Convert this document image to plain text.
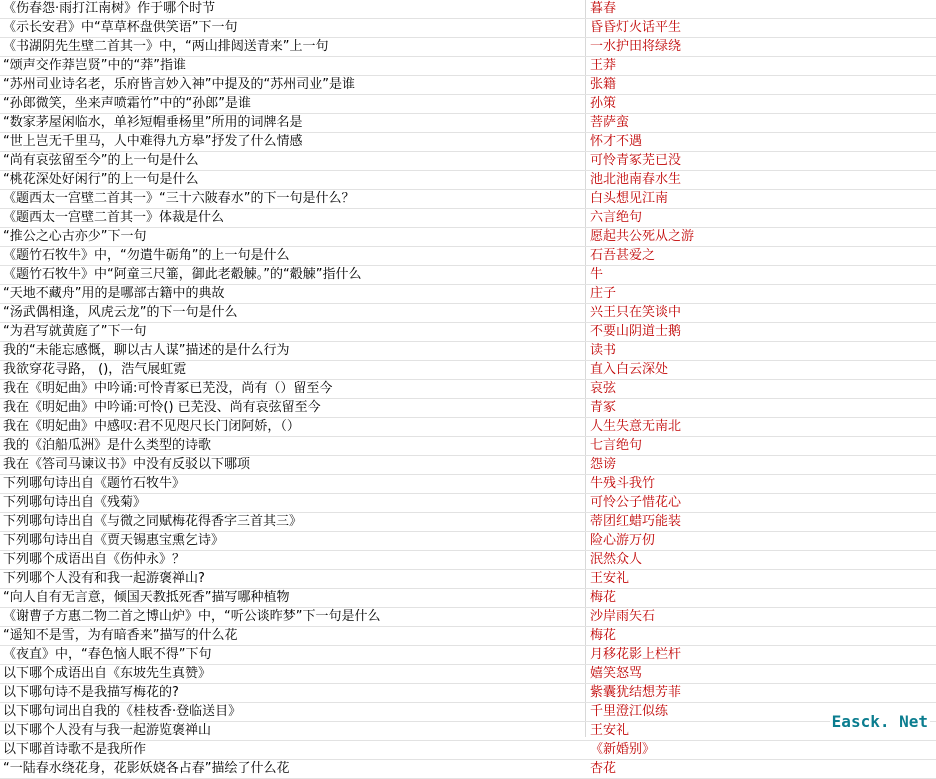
《伤春怨·雨打江南树》作于哪个时节	暮春
《示长安君》中“草草杯盘供笑语”下一句	昏昏灯火话平生
《书湖阴先生壁二首其一》中，“两山排闼送青来”上一句	一水护田将绿绕
“颂声交作莽岂贤”中的“莽”指谁	王莽
“苏州司业诗名老，乐府皆言妙入神”中提及的“苏州司业”是谁	张籍
“孙郎微笑，坐来声喷霜竹”中的“孙郎”是谁	孙策
“数家茅屋闲临水，单衫短帽垂杨里”所用的词牌名是	菩萨蛮
“世上岂无千里马，人中难得九方皋”抒发了什么情感	怀才不遇
“尚有哀弦留至今”的上一句是什么	可怜青冢芜已没
“桃花深处好闲行”的上一句是什么	池北池南春水生
《题西太一宫壁二首其一》“三十六陂春水”的下一句是什么？	白头想见江南
《题西太一宫壁二首其一》体裁是什么	六言绝句
“推公之心古亦少”下一句	愿起共公死从之游
《题竹石牧牛》中，“勿遣牛砺角”的上一句是什么	石吾甚爱之
《题竹石牧牛》中“阿童三尺箠，御此老觳觫。”的“觳觫”指什么	牛
“天地不藏舟”用的是哪部古籍中的典故	庄子
“汤武偶相逢，风虎云龙”的下一句是什么	兴王只在笑谈中
“为君写就黄庭了”下一句	不要山阴道士鹅
我的“未能忘感慨，聊以古人谋”描述的是什么行为	读书
我欲穿花寻路， ()，浩气展虹霓	直入白云深处
我在《明妃曲》中吟诵:可怜青冢已芜没，尚有（）留至今	哀弦
我在《明妃曲》中吟诵:可怜() 已芜没、尚有哀弦留至今	青冢
我在《明妃曲》中感叹:君不见咫尺长门闭阿娇，（）	人生失意无南北
我的《泊船瓜洲》是什么类型的诗歌	七言绝句
我在《答司马谏议书》中没有反驳以下哪项	怨谤
下列哪句诗出自《题竹石牧牛》	牛残斗我竹
下列哪句诗出自《残菊》	可怜公子惜花心
下列哪句诗出自《与微之同赋梅花得香字三首其三》	蒂团红蜡巧能装
下列哪句诗出自《贾天锡惠宝熏乞诗》	险心游万仞
下列哪个成语出自《伤仲永》？	泯然众人
下列哪个人没有和我一起游褒禅山?	王安礼
“向人自有无言意，倾国天教抵死香”描写哪种植物	梅花
《谢曹子方惠二物二首之博山炉》中，“听公谈昨梦”下一句是什么	沙岸雨矢石
“遥知不是雪，为有暗香来”描写的什么花	梅花
《夜直》中，“春色恼人眠不得”下句	月移花影上栏杆
以下哪个成语出自《东坡先生真赞》	嬉笑怒骂
以下哪句诗不是我描写梅花的?	紫囊犹结想芳菲
以下哪句词出自我的《桂枝香·登临送目》	千里澄江似练
以下哪个人没有与我一起游览褒禅山	王安礼
以下哪首诗歌不是我所作	《新婚别》
“一陆春水绕花身，花影妖娆各占春”描绘了什么花	杏花
Easck. Net
